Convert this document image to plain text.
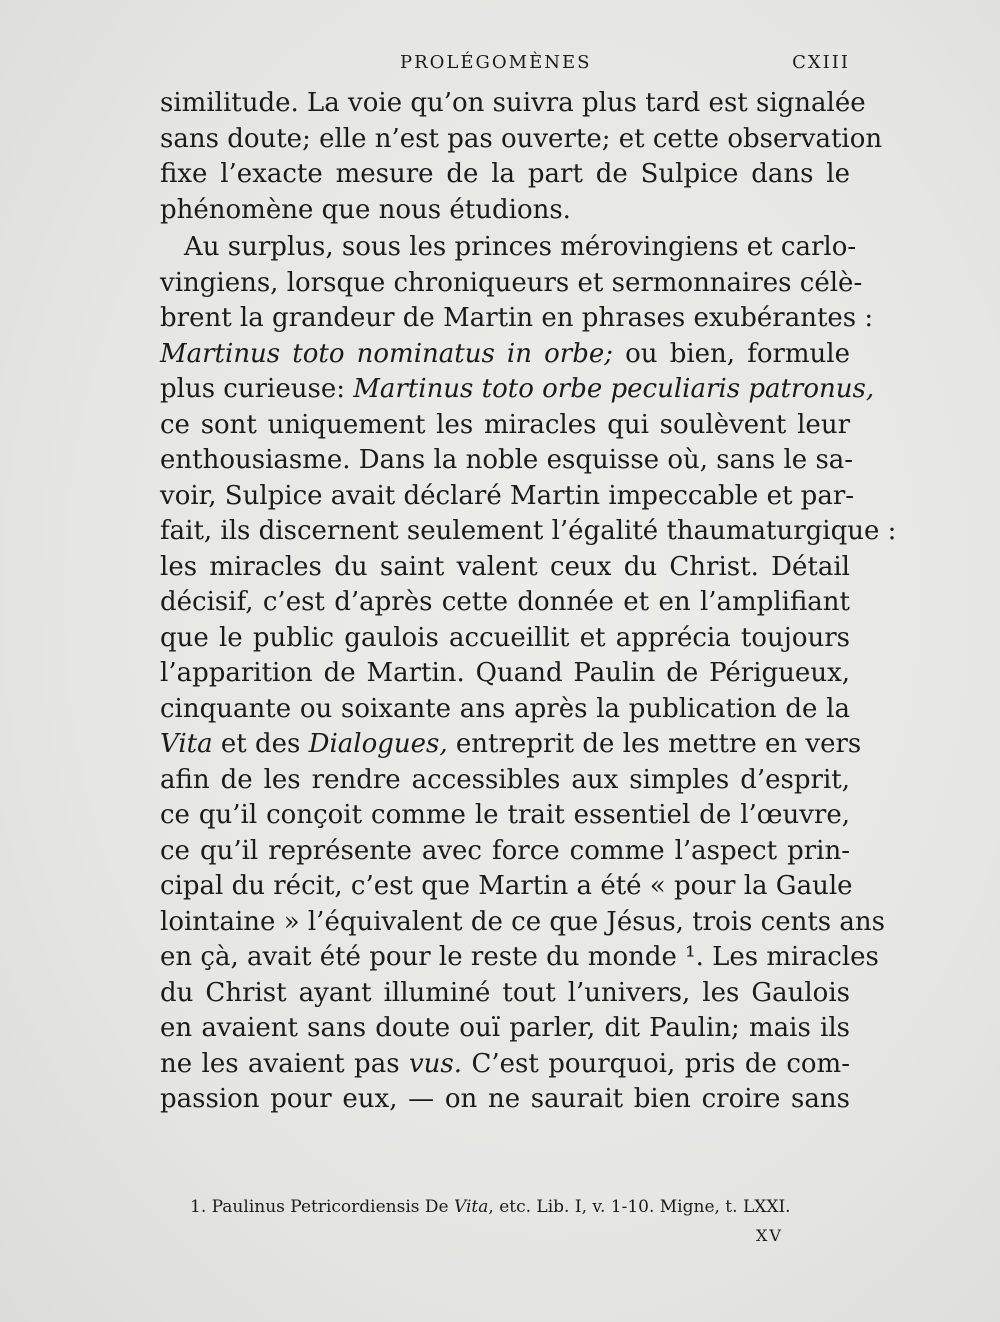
PROLÉGOMÈNES	CXIII
similitude. La voie qu’on suivra plus tard est signalée
sans doute; elle n’est pas ouverte; et cette observation
fixe l’exacte mesure de la part de Sulpice dans le
phénomène que nous étudions.
Au surplus, sous les princes mérovingiens et carlo-
vingiens, lorsque chroniqueurs et sermonnaires célè-
brent la grandeur de Martin en phrases exubérantes :
Martinus toto nominatus in orbe; ou bien, formule
plus curieuse: Martinus toto orbe peculiaris patronus,
ce sont uniquement les miracles qui soulèvent leur
enthousiasme. Dans la noble esquisse où, sans le sa-
voir, Sulpice avait déclaré Martin impeccable et par-
fait, ils discernent seulement l’égalité thaumaturgique :
les miracles du saint valent ceux du Christ. Détail
décisif, c’est d’après cette donnée et en l’amplifiant
que le public gaulois accueillit et apprécia toujours
l’apparition de Martin. Quand Paulin de Périgueux,
cinquante ou soixante ans après la publication de la
Vita et des Dialogues, entreprit de les mettre en vers
afin de les rendre accessibles aux simples d’esprit,
ce qu’il conçoit comme le trait essentiel de l’œuvre,
ce qu’il représente avec force comme l’aspect prin-
cipal du récit, c’est que Martin a été « pour la Gaule
lointaine » l’équivalent de ce que Jésus, trois cents ans
en çà, avait été pour le reste du monde ¹. Les miracles
du Christ ayant illuminé tout l’univers, les Gaulois
en avaient sans doute ouï parler, dit Paulin; mais ils
ne les avaient pas vus. C’est pourquoi, pris de com-
passion pour eux, — on ne saurait bien croire sans
1. Paulinus Petricordiensis De Vita, etc. Lib. I, v. 1-10. Migne, t. LXXI.
XV
